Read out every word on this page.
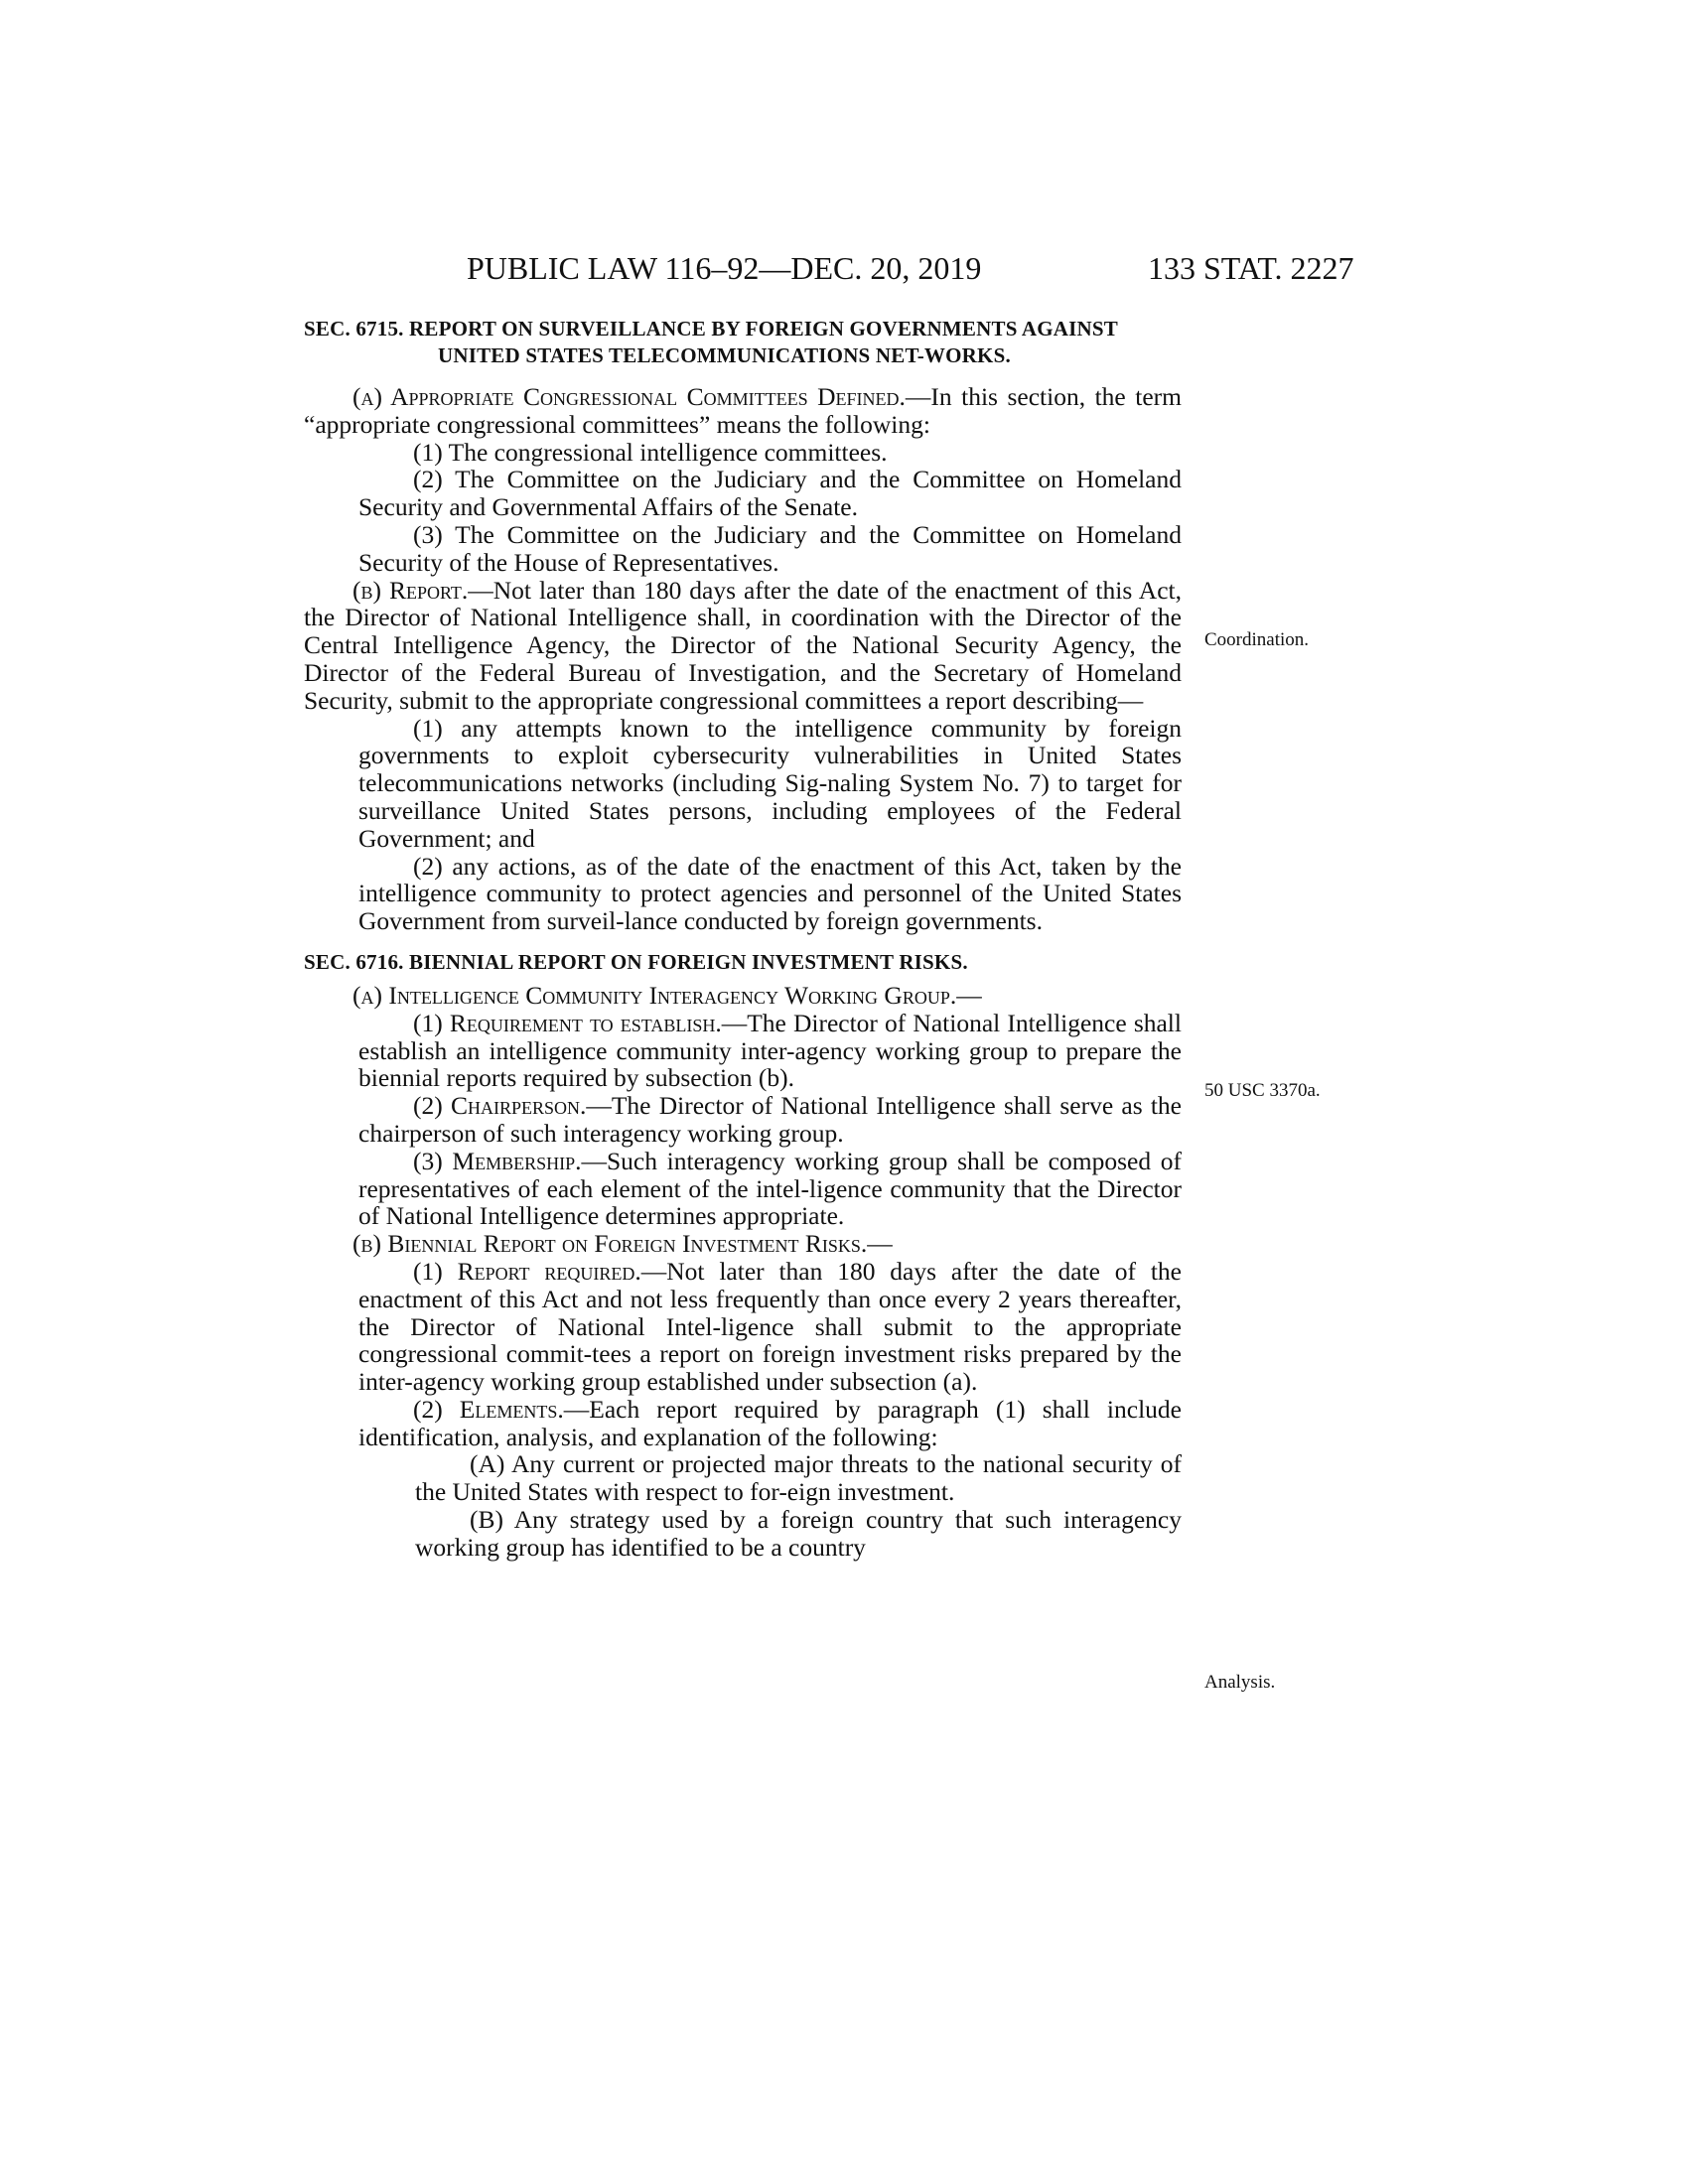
PUBLIC LAW 116–92—DEC. 20, 2019	133 STAT. 2227
Coordination.
50 USC 3370a.
Analysis.

SEC. 6715. REPORT ON SURVEILLANCE BY FOREIGN GOVERNMENTS AGAINST UNITED STATES TELECOMMUNICATIONS NET-WORKS.

(a) Appropriate Congressional Committees Defined.—In this section, the term “appropriate congressional committees” means the following:

(1) The congressional intelligence committees.

(2) The Committee on the Judiciary and the Committee on Homeland Security and Governmental Affairs of the Senate.

(3) The Committee on the Judiciary and the Committee on Homeland Security of the House of Representatives.

(b) Report.—Not later than 180 days after the date of the enactment of this Act, the Director of National Intelligence shall, in coordination with the Director of the Central Intelligence Agency, the Director of the National Security Agency, the Director of the Federal Bureau of Investigation, and the Secretary of Homeland Security, submit to the appropriate congressional committees a report describing—

(1) any attempts known to the intelligence community by foreign governments to exploit cybersecurity vulnerabilities in United States telecommunications networks (including Sig-naling System No. 7) to target for surveillance United States persons, including employees of the Federal Government; and

(2) any actions, as of the date of the enactment of this Act, taken by the intelligence community to protect agencies and personnel of the United States Government from surveil-lance conducted by foreign governments.

SEC. 6716. BIENNIAL REPORT ON FOREIGN INVESTMENT RISKS.

(a) Intelligence Community Interagency Working Group.—

(1) Requirement to establish.—The Director of National Intelligence shall establish an intelligence community inter-agency working group to prepare the biennial reports required by subsection (b).

(2) Chairperson.—The Director of National Intelligence shall serve as the chairperson of such interagency working group.

(3) Membership.—Such interagency working group shall be composed of representatives of each element of the intel-ligence community that the Director of National Intelligence determines appropriate.

(b) Biennial Report on Foreign Investment Risks.—

(1) Report required.—Not later than 180 days after the date of the enactment of this Act and not less frequently than once every 2 years thereafter, the Director of National Intel-ligence shall submit to the appropriate congressional commit-tees a report on foreign investment risks prepared by the inter-agency working group established under subsection (a).

(2) Elements.—Each report required by paragraph (1) shall include identification, analysis, and explanation of the following:

(A) Any current or projected major threats to the national security of the United States with respect to for-eign investment.

(B) Any strategy used by a foreign country that such interagency working group has identified to be a country
